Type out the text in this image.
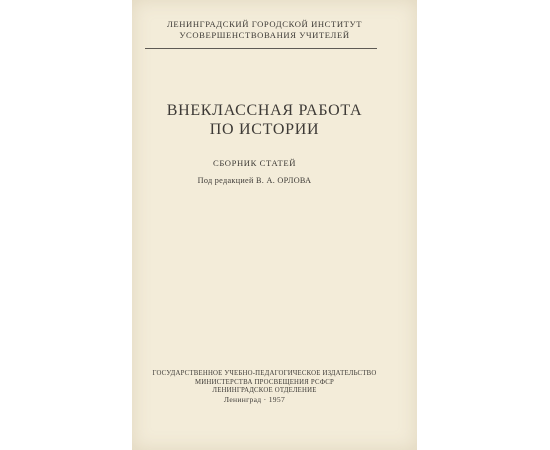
ЛЕНИНГРАДСКИЙ ГОРОДСКОЙ ИНСТИТУТ
УСОВЕРШЕНСТВОВАНИЯ УЧИТЕЛЕЙ
ВНЕКЛАССНАЯ РАБОТА
ПО ИСТОРИИ
СБОРНИК СТАТЕЙ
Под редакцией В. А. ОРЛОВА
ГОСУДАРСТВЕННОЕ УЧЕБНО-ПЕДАГОГИЧЕСКОЕ ИЗДАТЕЛЬСТВО
МИНИСТЕРСТВА ПРОСВЕЩЕНИЯ РСФСР
ЛЕНИНГРАДСКОЕ ОТДЕЛЕНИЕ
Ленинград · 1957
